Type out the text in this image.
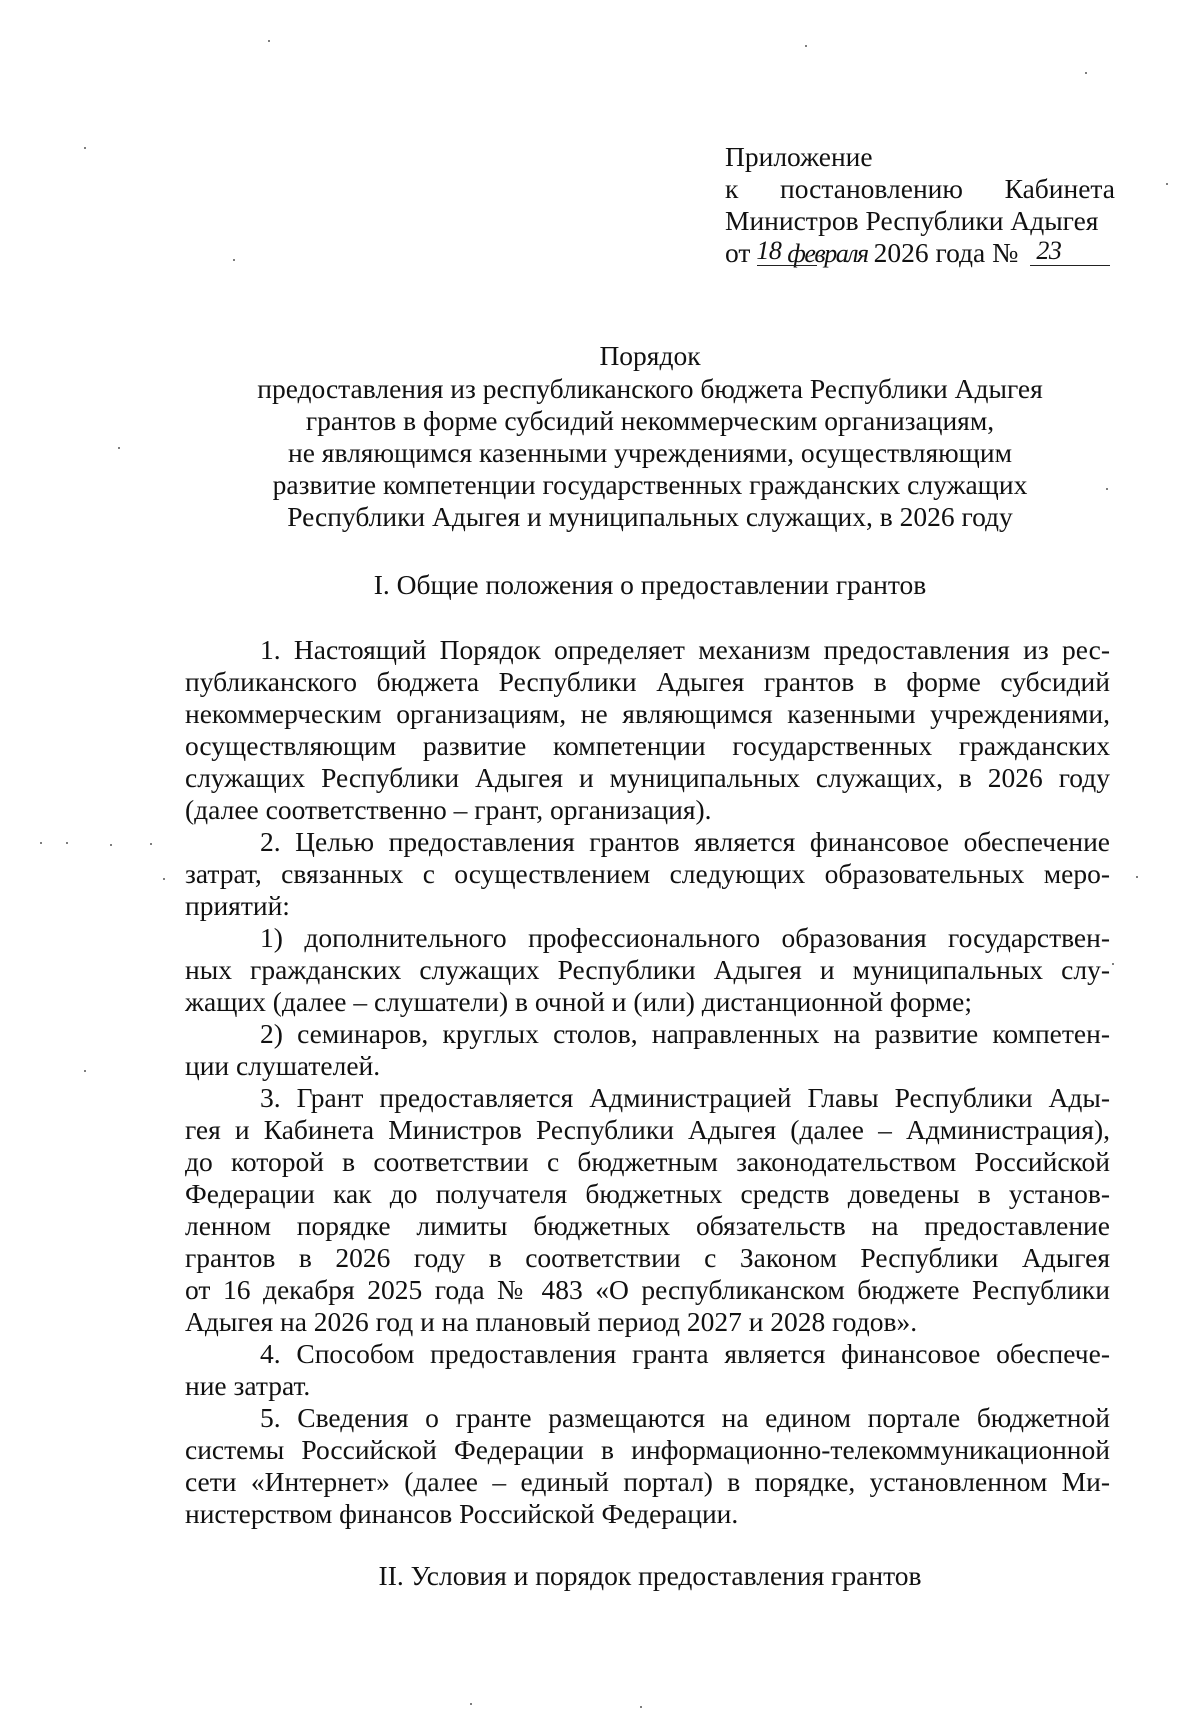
Приложение
к постановлению Кабинета
Министров Республики Адыгея
от 18 февраля 2026 года № 23
Порядок
предоставления из республиканского бюджета Республики Адыгея
грантов в форме субсидий некоммерческим организациям,
не являющимся казенными учреждениями, осуществляющим
развитие компетенции государственных гражданских служащих
Республики Адыгея и муниципальных служащих, в 2026 году
I. Общие положения о предоставлении грантов
1. Настоящий Порядок определяет механизм предоставления из рес-
публиканского бюджета Республики Адыгея грантов в форме субсидий
некоммерческим организациям, не являющимся казенными учреждениями,
осуществляющим развитие компетенции государственных гражданских
служащих Республики Адыгея и муниципальных служащих, в 2026 году
(далее соответственно – грант, организация).
2. Целью предоставления грантов является финансовое обеспечение
затрат, связанных с осуществлением следующих образовательных меро-
приятий:
1) дополнительного профессионального образования государствен-
ных гражданских служащих Республики Адыгея и муниципальных слу-
жащих (далее – слушатели) в очной и (или) дистанционной форме;
2) семинаров, круглых столов, направленных на развитие компетен-
ции слушателей.
3. Грант предоставляется Администрацией Главы Республики Ады-
гея и Кабинета Министров Республики Адыгея (далее – Администрация),
до которой в соответствии с бюджетным законодательством Российской
Федерации как до получателя бюджетных средств доведены в установ-
ленном порядке лимиты бюджетных обязательств на предоставление
грантов в 2026 году в соответствии с Законом Республики Адыгея
от 16 декабря 2025 года № 483 «О республиканском бюджете Республики
Адыгея на 2026 год и на плановый период 2027 и 2028 годов».
4. Способом предоставления гранта является финансовое обеспече-
ние затрат.
5. Сведения о гранте размещаются на едином портале бюджетной
системы Российской Федерации в информационно-телекоммуникационной
сети «Интернет» (далее – единый портал) в порядке, установленном Ми-
нистерством финансов Российской Федерации.
II. Условия и порядок предоставления грантов
